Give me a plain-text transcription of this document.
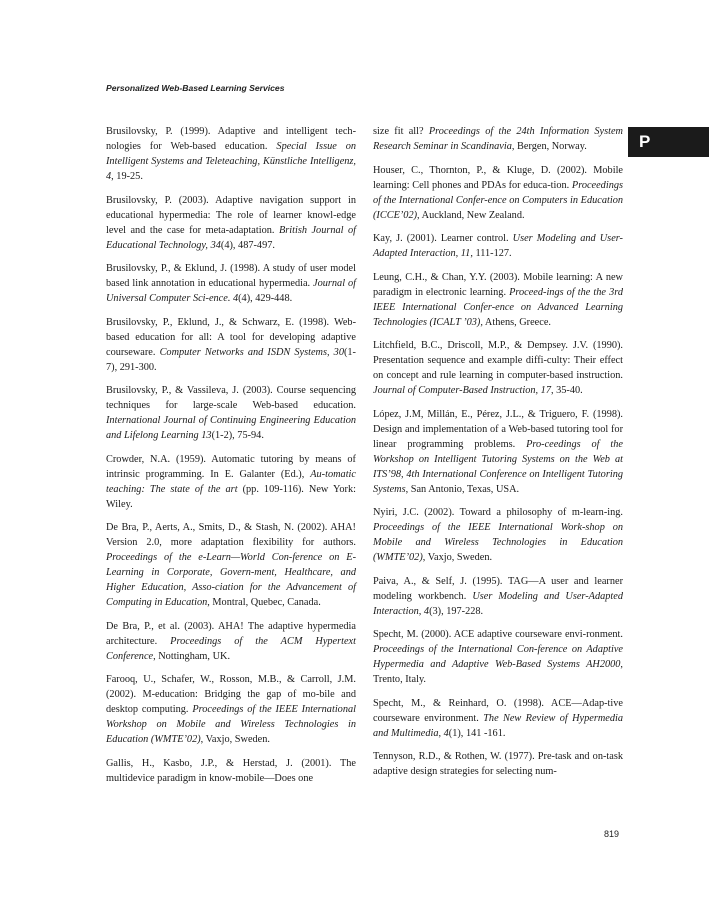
Personalized Web-Based Learning Services
P

Brusilovsky, P. (1999). Adaptive and intelligent tech-nologies for Web-based education. Special Issue on Intelligent Systems and Teleteaching, Künstliche Intelligenz, 4, 19-25.

Brusilovsky, P. (2003). Adaptive navigation support in educational hypermedia: The role of learner knowl-edge level and the case for meta-adaptation. British Journal of Educational Technology, 34(4), 487-497.

Brusilovsky, P., & Eklund, J. (1998). A study of user model based link annotation in educational hypermedia. Journal of Universal Computer Sci-ence. 4(4), 429-448.

Brusilovsky, P., Eklund, J., & Schwarz, E. (1998). Web-based education for all: A tool for developing adaptive courseware. Computer Networks and ISDN Systems, 30(1-7), 291-300.

Brusilovsky, P., & Vassileva, J. (2003). Course sequencing techniques for large-scale Web-based education. International Journal of Continuing Engineering Education and Lifelong Learning 13(1-2), 75-94.

Crowder, N.A. (1959). Automatic tutoring by means of intrinsic programming. In E. Galanter (Ed.), Au-tomatic teaching: The state of the art (pp. 109-116). New York: Wiley.

De Bra, P., Aerts, A., Smits, D., & Stash, N. (2002). AHA! Version 2.0, more adaptation flexibility for authors. Proceedings of the e-Learn—World Con-ference on E-Learning in Corporate, Govern-ment, Healthcare, and Higher Education, Asso-ciation for the Advancement of Computing in Education, Montral, Quebec, Canada.

De Bra, P., et al. (2003). AHA! The adaptive hypermedia architecture. Proceedings of the ACM Hypertext Conference, Nottingham, UK.

Farooq, U., Schafer, W., Rosson, M.B., & Carroll, J.M. (2002). M-education: Bridging the gap of mo-bile and desktop computing. Proceedings of the IEEE International Workshop on Mobile and Wireless Technologies in Education (WMTE’02), Vaxjo, Sweden.

Gallis, H., Kasbo, J.P., & Herstad, J. (2001). The multidevice paradigm in know-mobile—Does one

size fit all? Proceedings of the 24th Information System Research Seminar in Scandinavia, Bergen, Norway.

Houser, C., Thornton, P., & Kluge, D. (2002). Mobile learning: Cell phones and PDAs for educa-tion. Proceedings of the International Confer-ence on Computers in Education (ICCE’02), Auckland, New Zealand.

Kay, J. (2001). Learner control. User Modeling and User-Adapted Interaction, 11, 111-127.

Leung, C.H., & Chan, Y.Y. (2003). Mobile learning: A new paradigm in electronic learning. Proceed-ings of the the 3rd IEEE International Confer-ence on Advanced Learning Technologies (ICALT ’03), Athens, Greece.

Litchfield, B.C., Driscoll, M.P., & Dempsey. J.V. (1990). Presentation sequence and example diffi-culty: Their effect on concept and rule learning in computer-based instruction. Journal of Computer-Based Instruction, 17, 35-40.

López, J.M, Millán, E., Pérez, J.L., & Triguero, F. (1998). Design and implementation of a Web-based tutoring tool for linear programming problems. Pro-ceedings of the Workshop on Intelligent Tutoring Systems on the Web at ITS’98, 4th International Conference on Intelligent Tutoring Systems, San Antonio, Texas, USA.

Nyiri, J.C. (2002). Toward a philosophy of m-learn-ing. Proceedings of the IEEE International Work-shop on Mobile and Wireless Technologies in Education (WMTE’02), Vaxjo, Sweden.

Paiva, A., & Self, J. (1995). TAG—A user and learner modeling workbench. User Modeling and User-Adapted Interaction, 4(3), 197-228.

Specht, M. (2000). ACE adaptive courseware envi-ronment. Proceedings of the International Con-ference on Adaptive Hypermedia and Adaptive Web-Based Systems AH2000, Trento, Italy.

Specht, M., & Reinhard, O. (1998). ACE—Adap-tive courseware environment. The New Review of Hypermedia and Multimedia, 4(1), 141 -161.

Tennyson, R.D., & Rothen, W. (1977). Pre-task and on-task adaptive design strategies for selecting num-

819
